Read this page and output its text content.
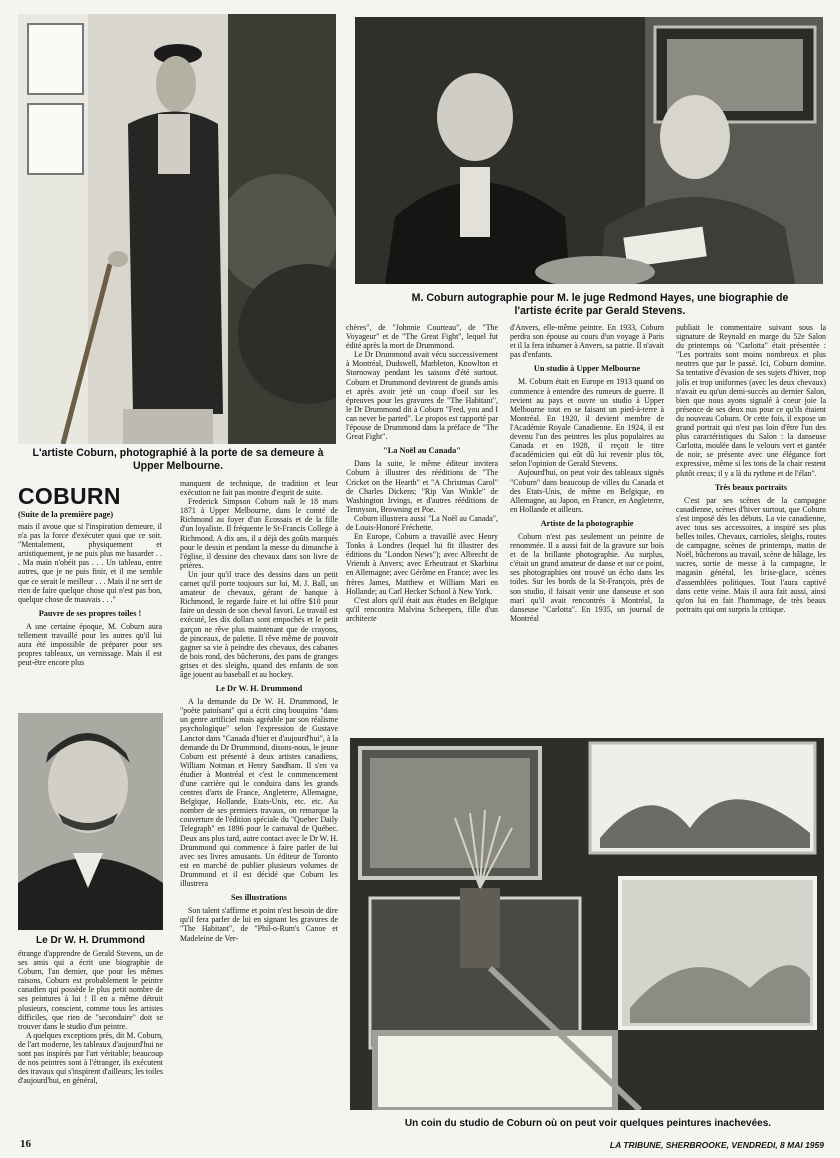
L'artiste Coburn, photographié à la porte de sa demeure à Upper Melbourne.
M. Coburn autographie pour M. le juge Redmond Hayes, une biographie de l'artiste écrite par Gerald Stevens.
COBURN
(Suite de la première page)

mais il avoue que si l'inspiration demeure, il n'a pas la force d'exécuter quoi que ce soit. "Mentalement, physiquement et artistiquement, je ne puis plus me hasarder . . . Ma main n'obéit pas . . . Un tableau, entre autres, que je ne puis finir, et il me semble que ce serait le meilleur . . . Mais il ne sert de rien de faire quelque chose qui n'est pas bon, quelque chose de mauvais . . ."

Pauvre de ses propres toiles !

A une certaine époque, M. Coburn aura tellement travaillé pour les autres qu'il lui aura été impossible de préparer pour ses propres tableaux, un vernissage. Mais il est peut-être encore plus

Le Dr W. H. Drummond

étrange d'apprendre de Gerald Stevens, un de ses amis qui a écrit une biographie de Coburn, l'an dernier, que pour les mêmes raisons, Coburn est probablement le peintre canadien qui possède le plus petit nombre de ses peintures à lui ! Il en a même détruit plusieurs, conscient, comme tous les artistes difficiles, que rien de "secondaire" doit se trouver dans le studio d'un peintre.

A quelques exceptions près, dit M. Coburn, de l'art moderne, les tableaux d'aujourd'hui ne sont pas inspirés par l'art véritable; beaucoup de nos peintres sont à l'étranger, ils exécutent des travaux qui s'inspirent d'ailleurs; les toiles d'aujourd'hui, en général,

manquent de technique, de tradition et leur exécution ne fait pas montre d'esprit de suite.

Frederick Simpson Coburn naît le 18 mars 1871 à Upper Melbourne, dans le comté de Richmond au foyer d'un Ecossais et de la fille d'un loyaliste. Il fréquente le St-Francis College à Richmond. A dix ans, il a déjà des goûts marqués pour le dessin et pendant la messe du dimanche à l'église, il dessine des chevaux dans son livre de prières.

Un jour qu'il trace des dessins dans un petit carnet qu'il porte toujours sur lui, M. J. Ball, un amateur de chevaux, gérant de banque à Richmond, le regarde faire et lui offre $10 pour faire un dessin de son cheval favori. Le travail est exécuté, les dix dollars sont empochés et le petit garçon ne rêve plus maintenant que de crayons, de pinceaux, de palette. Il rêve même de pouvoir gagner sa vie à peindre des chevaux, des cabanes de bois rond, des bûcherons, des pans de granges grises et des sleighs, quand des enfants de son âge jouent au baseball et au hockey.

Le Dr W. H. Drummond

A la demande du Dr W. H. Drummond, le "poète patoisant" qui a écrit cinq bouquins "dans un genre artificiel mais agréable par son réalisme psychologique" selon l'expression de Gustave Lanctot dans "Canada d'hier et d'aujourd'hui", à la demande du Dr Drummond, disons-nous, le jeune Coburn est présenté à deux artistes canadiens, William Notman et Henry Sandham. Il s'en va étudier à Montréal et c'est le commencement d'une carrière qui le conduira dans les grands centres d'arts de France, Angleterre, Allemagne, Belgique, Hollande, Etats-Unis, etc. etc. Au nombre de ses premiers travaux, on remarque la couverture de l'édition spéciale du "Quebec Daily Telegraph" en 1896 pour le carnaval de Québec. Deux ans plus tard, autre contact avec le Dr W. H. Drummond qui commence à faire parler de lui avec ses livres amusants. Un éditeur de Toronto est en marché de publier plusieurs volumes de Drummond et il est décidé que Coburn les illustrera

Ses illustrations

Son talent s'affirme et point n'est besoin de dire qu'il fera parler de lui en signant les gravures de "The Habitant", de "Phil-o-Rum's Canoe et Madeleine de Ver-

chères", de "Johnnie Courteau", de "The Voyageur" et de "The Great Fight", lequel fut édité après la mort de Drummond.

Le Dr Drummond avait vécu successivement à Montréal, Dudswell, Marbleton, Knowlton et Stornoway pendant les saisons d'été surtout. Coburn et Drummond devinrent de grands amis et après avoir jeté un coup d'oeil sur les épreuves pour les gravures de "The Habitant", le Dr Drummond dit à Coburn "Fred, you and I can never be parted". Le propos est rapporté par l'épouse de Drummond dans la préface de "The Great Fight".

"La Noël au Canada"

Dans la suite, le même éditeur invitera Coburn à illustrer des rééditions de "The Cricket on the Hearth" et "A Christmas Carol" de Charles Dickens; "Rip Van Winkle" de Washington Irvings, et d'autres rééditions de Tennyson, Browning et Poe.

Coburn illustrera aussi "La Noël au Canada", de Louis-Honoré Fréchette.

En Europe, Coburn a travaillé avec Henry Tonks à Londres (lequel lui fit illustrer des éditions du "London News"); avec Albrecht de Vriendt à Anvers; avec Erheutraut et Skarbina en Allemagne; avec Gérôme en France; avec les frères James, Matthew et William Mari en Hollande; au Carl Hecker School à New York.

C'est alors qu'il était aux études en Belgique qu'il rencontra Malvina Scheepers, fille d'un architecte

d'Anvers, elle-même peintre. En 1933, Coburn perdra son épouse au cours d'un voyage à Paris et il la fera inhumer à Anvers, sa patrie. Il n'avait pas d'enfants.

Un studio à Upper Melbourne

M. Coburn était en Europe en 1913 quand on commence à entendre des rumeurs de guerre. Il revient au pays et ouvre un studio à Upper Melbourne tout en se faisant un pied-à-terre à Montréal. En 1920, il devient membre de l'Académie Royale Canadienne. En 1924, il est devenu l'un des peintres les plus populaires au Canada et en 1928, il reçoit le titre d'académicien qui eût dû lui revenir plus tôt, selon l'opinion de Gerald Stevens.

Aujourd'hui, on peut voir des tableaux signés "Coburn" dans beaucoup de villes du Canada et des Etats-Unis, de même en Belgique, en Allemagne, au Japon, en France, en Angleterre, en Hollande et ailleurs.

Artiste de la photographie

Coburn n'est pas seulement un peintre de renommée. Il a aussi fait de la gravure sur bois et de la brillante photographie. Au surplus, c'était un grand amateur de danse et sur ce point, ses photographies ont trouvé un écho dans les toiles. Sur les bords de la St-François, près de son studio, il faisait venir une danseuse et son mari qu'il avait rencontrés à Montréal, la danseuse "Carlotta". En 1935, un journal de Montréal

publiait le commentaire suivant sous la signature de Reynald en marge du 52e Salon du printemps où "Carlotta" était présentée : "Les portraits sont moins nombreux et plus neutres que par le passé. Ici, Coburn domine. Sa tentative d'évasion de ses sujets d'hiver, trop jolis et trop uniformes (avec les deux chevaux) n'avait eu qu'un demi-succès au dernier Salon, bien que nous ayons signalé à coeur joie la présence de ses deux nus pour ce qu'ils étaient du nouveau Coburn. Or cette fois, il expose un grand portrait qui n'est pas loin d'être l'un des plus caractéristiques du Salon : la danseuse Carlotta, moulée dans le velours vert et gantée de noir, se présente avec une élégance fort expressive, même si les tons de la chair restent plutôt creux; il y a là du rythme et de l'élan".

Très beaux portraits

C'est par ses scènes de la campagne canadienne, scènes d'hiver surtout, que Coburn s'est imposé dès les débuts. La vie canadienne, avec tous ses accessoires, a inspiré ses plus belles toiles. Chevaux, carrioles, sleighs, routes de campagne, scènes de printemps, matin de Noël, bûcherons au travail, scène de hâlage, les sucres, sortie de messe à la campagne, le magasin général, les brise-glace, scènes d'assemblées politiques. Tout l'aura captivé dans cette veine. Mais il aura fait aussi, ainsi qu'on lui en fait l'hommage, de très beaux portraits qui ont surpris la critique.

Un coin du studio de Coburn où on peut voir quelques peintures inachevées.
16	LA TRIBUNE, SHERBROOKE, VENDREDI, 8 MAI 1959
